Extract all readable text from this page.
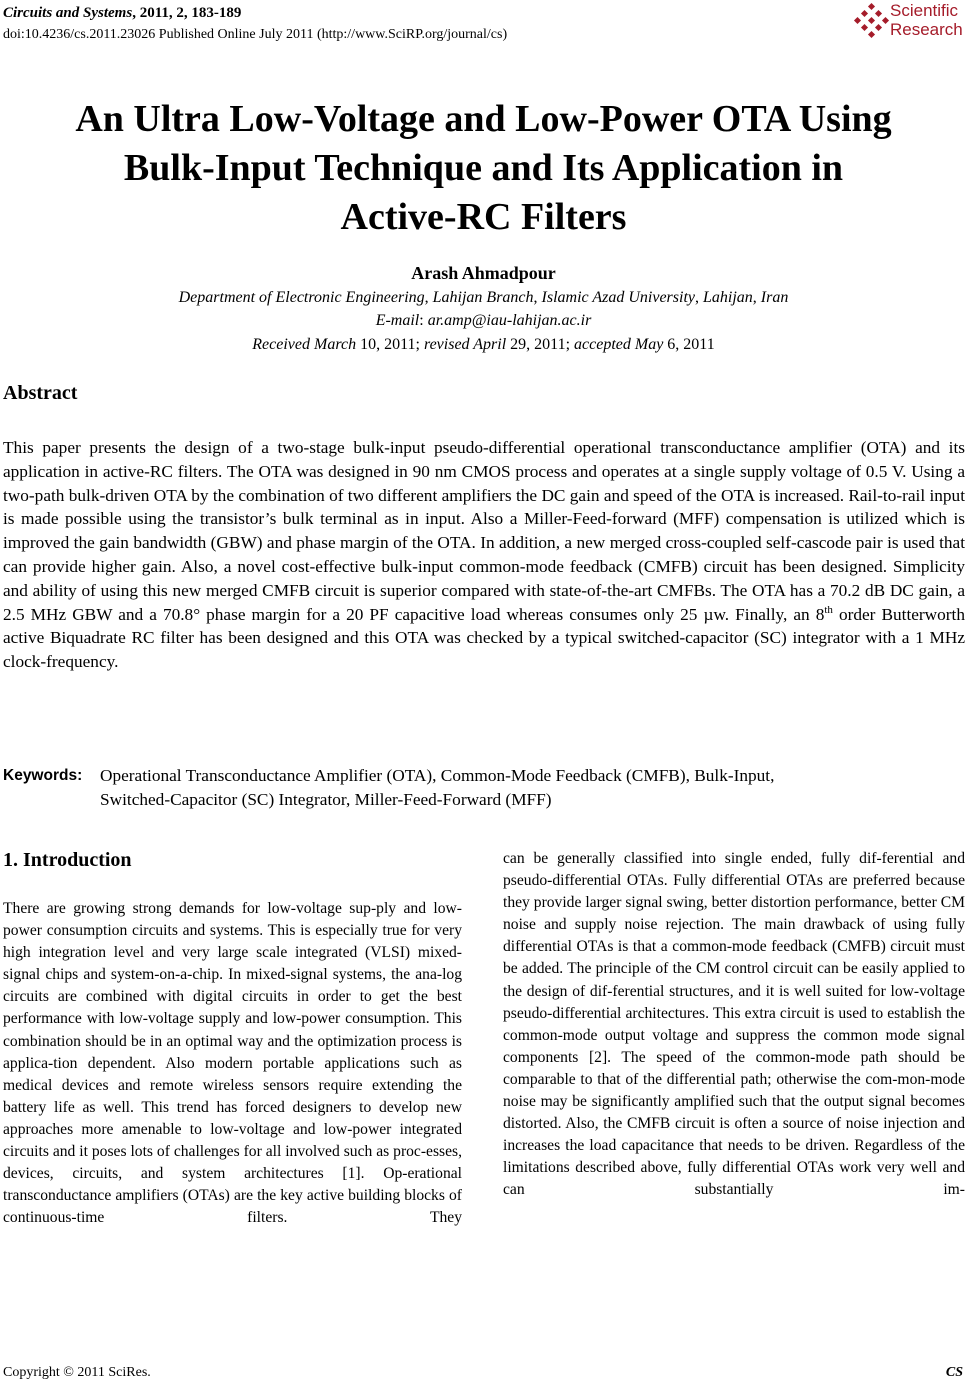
Circuits and Systems, 2011, 2, 183-189
doi:10.4236/cs.2011.23026 Published Online July 2011 (http://www.SciRP.org/journal/cs)
Scientific
Research
An Ultra Low-Voltage and Low-Power OTA Using
Bulk-Input Technique and Its Application in
Active-RC Filters
Arash Ahmadpour
Department of Electronic Engineering, Lahijan Branch, Islamic Azad University, Lahijan, Iran
E-mail: ar.amp@iau-lahijan.ac.ir
Received March 10, 2011; revised April 29, 2011; accepted May 6, 2011
Abstract
This paper presents the design of a two-stage bulk-input pseudo-differential operational transconductance amplifier (OTA) and its application in active-RC filters. The OTA was designed in 90 nm CMOS process and operates at a single supply voltage of 0.5 V. Using a two-path bulk-driven OTA by the combination of two different amplifiers the DC gain and speed of the OTA is increased. Rail-to-rail input is made possible using the transistor’s bulk terminal as in input. Also a Miller-Feed-forward (MFF) compensation is utilized which is improved the gain bandwidth (GBW) and phase margin of the OTA. In addition, a new merged cross-coupled self-cascode pair is used that can provide higher gain. Also, a novel cost-effective bulk-input common-mode feedback (CMFB) circuit has been designed. Simplicity and ability of using this new merged CMFB circuit is superior compared with state-of-the-art CMFBs. The OTA has a 70.2 dB DC gain, a 2.5 MHz GBW and a 70.8° phase margin for a 20 PF capacitive load whereas consumes only 25 µw. Finally, an 8th order Butterworth active Biquadrate RC filter has been designed and this OTA was checked by a typical switched-capacitor (SC) integrator with a 1 MHz clock-frequency.
Keywords: Operational Transconductance Amplifier (OTA), Common-Mode Feedback (CMFB), Bulk-Input,
Switched-Capacitor (SC) Integrator, Miller-Feed-Forward (MFF)
1. Introduction
There are growing strong demands for low-voltage sup-ply and low-power consumption circuits and systems. This is especially true for very high integration level and very large scale integrated (VLSI) mixed-signal chips and system-on-a-chip. In mixed-signal systems, the ana-log circuits are combined with digital circuits in order to get the best performance with low-voltage supply and low-power consumption. This combination should be in an optimal way and the optimization process is applica-tion dependent. Also modern portable applications such as medical devices and remote wireless sensors require extending the battery life as well. This trend has forced designers to develop new approaches more amenable to low-voltage and low-power integrated circuits and it poses lots of challenges for all involved such as proc-esses, devices, circuits, and system architectures [1]. Op-erational transconductance amplifiers (OTAs) are the key active building blocks of continuous-time filters. They
can be generally classified into single ended, fully dif-ferential and pseudo-differential OTAs. Fully differential OTAs are preferred because they provide larger signal swing, better distortion performance, better CM noise and supply noise rejection. The main drawback of using fully differential OTAs is that a common-mode feedback (CMFB) circuit must be added. The principle of the CM control circuit can be easily applied to the design of dif-ferential structures, and it is well suited for low-voltage pseudo-differential architectures. This extra circuit is used to establish the common-mode output voltage and suppress the common mode signal components [2]. The speed of the common-mode path should be comparable to that of the differential path; otherwise the com-mon-mode noise may be significantly amplified such that the output signal becomes distorted. Also, the CMFB circuit is often a source of noise injection and increases the load capacitance that needs to be driven. Regardless of the limitations described above, fully differential OTAs work very well and can substantially im-
Copyright © 2011 SciRes.	CS
